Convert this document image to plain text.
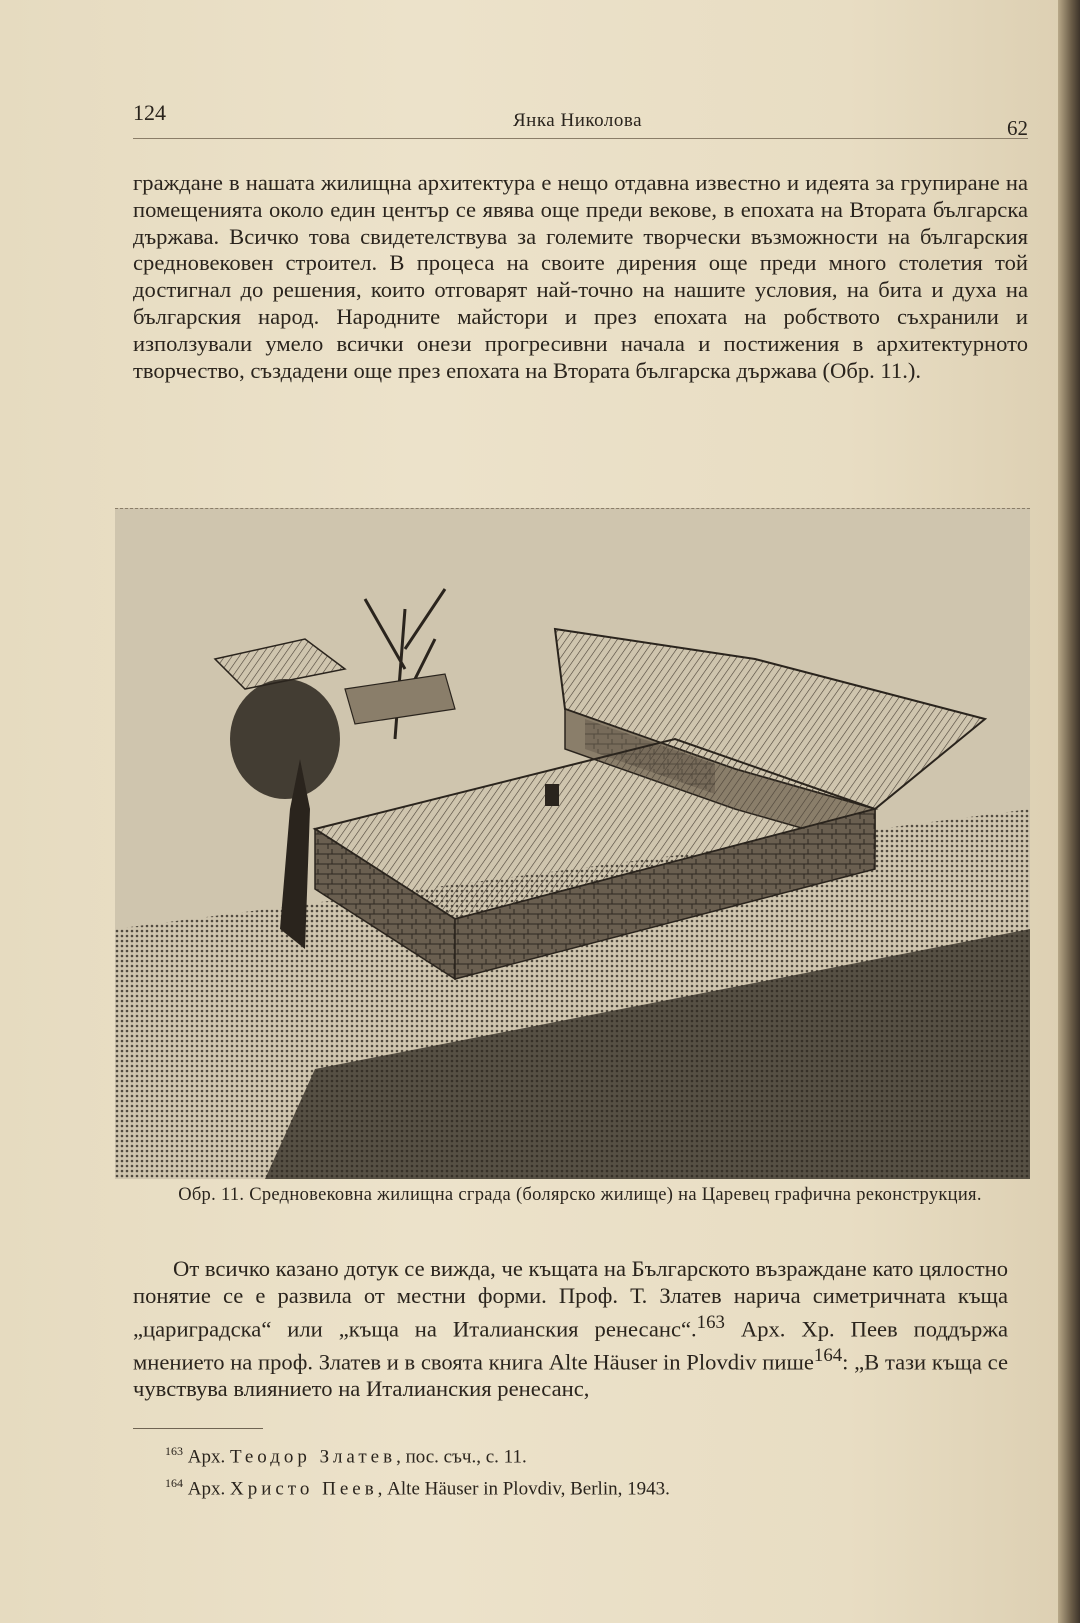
124	Янка Николова	62

граждане в нашата жилищна архитектура е нещо отдавна известно и идеята за групиране на помещенията около един център се явява още преди векове, в епохата на Втората българска държава. Всичко това свидетелствува за големите творчески възможности на българския средновековен строител. В процеса на своите дирения още преди много столетия той достигнал до решения, които отговарят най-точно на нашите условия, на бита и духа на българския народ. Народните майстори и през епохата на робството съхранили и използували умело всички онези прогресивни начала и постижения в архитектурното творчество, създадени още през епохата на Втората българска държава (Обр. 11.).

Обр. 11. Средновековна жилищна сграда (болярско жилище) на Царевец графична реконструкция.

От всичко казано дотук се вижда, че къщата на Българското възраждане като цялостно понятие се е развила от местни форми. Проф. Т. Златев нарича симетричната къща „цариградска“ или „къща на Италианския ренесанс“.$^{163}$ Арх. Хр. Пеев поддържа мнението на проф. Златев и в своята книга Alte Häuser in Plovdiv пише$^{164}$: „В тази къща се чувствува влиянието на Италианския ренесанс,

$^{163}$ Арх. Теодор Златев, пос. съч., с. 11.
$^{164}$ Арх. Христо Пеев, Alte Häuser in Plovdiv, Berlin, 1943.
